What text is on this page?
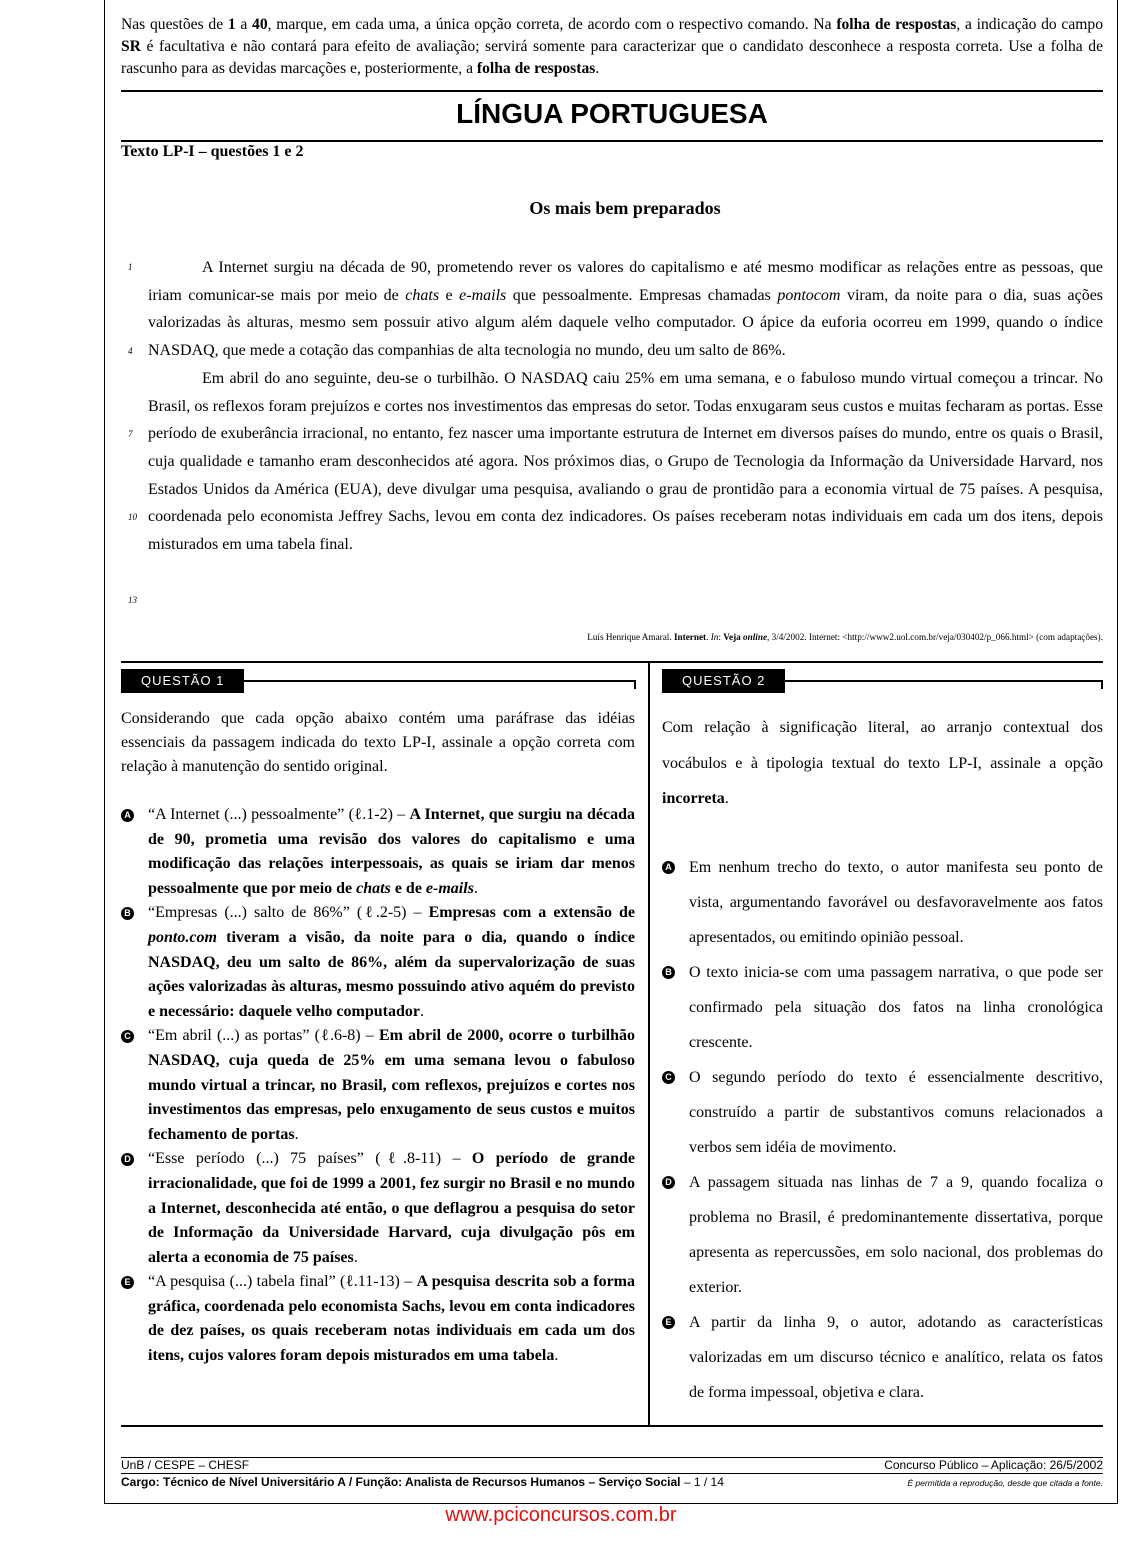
Nas questões de 1 a 40, marque, em cada uma, a única opção correta, de acordo com o respectivo comando. Na folha de respostas, a indicação do campo SR é facultativa e não contará para efeito de avaliação; servirá somente para caracterizar que o candidato desconhece a resposta correta. Use a folha de rascunho para as devidas marcações e, posteriormente, a folha de respostas.
LÍNGUA PORTUGUESA
Texto LP-I – questões 1 e 2
Os mais bem preparados
1
4
7
10
13

A Internet surgiu na década de 90, prometendo rever os valores do capitalismo e até mesmo modificar as relações entre as pessoas, que iriam comunicar-se mais por meio de chats e e-mails que pessoalmente. Empresas chamadas pontocom viram, da noite para o dia, suas ações valorizadas às alturas, mesmo sem possuir ativo algum além daquele velho computador. O ápice da euforia ocorreu em 1999, quando o índice NASDAQ, que mede a cotação das companhias de alta tecnologia no mundo, deu um salto de 86%.

Em abril do ano seguinte, deu-se o turbilhão. O NASDAQ caiu 25% em uma semana, e o fabuloso mundo virtual começou a trincar. No Brasil, os reflexos foram prejuízos e cortes nos investimentos das empresas do setor. Todas enxugaram seus custos e muitas fecharam as portas. Esse período de exuberância irracional, no entanto, fez nascer uma importante estrutura de Internet em diversos países do mundo, entre os quais o Brasil, cuja qualidade e tamanho eram desconhecidos até agora. Nos próximos dias, o Grupo de Tecnologia da Informação da Universidade Harvard, nos Estados Unidos da América (EUA), deve divulgar uma pesquisa, avaliando o grau de prontidão para a economia virtual de 75 países. A pesquisa, coordenada pelo economista Jeffrey Sachs, levou em conta dez indicadores. Os países receberam notas individuais em cada um dos itens, depois misturados em uma tabela final.

Luís Henrique Amaral. Internet. In: Veja online, 3/4/2002. Internet: <http://www2.uol.com.br/veja/030402/p_066.html> (com adaptações).
QUESTÃO 1	QUESTÃO 2
Considerando que cada opção abaixo contém uma paráfrase das idéias essenciais da passagem indicada do texto LP-I, assinale a opção correta com relação à manutenção do sentido original.
A “A Internet (...) pessoalmente” (ℓ.1-2) – A Internet, que surgiu na década de 90, prometia uma revisão dos valores do capitalismo e uma modificação das relações interpessoais, as quais se iriam dar menos pessoalmente que por meio de chats e de e-mails.
B “Empresas (...) salto de 86%” (ℓ.2-5) – Empresas com a extensão de ponto.com tiveram a visão, da noite para o dia, quando o índice NASDAQ, deu um salto de 86%, além da supervalorização de suas ações valorizadas às alturas, mesmo possuindo ativo aquém do previsto e necessário: daquele velho computador.
C “Em abril (...) as portas” (ℓ.6-8) – Em abril de 2000, ocorre o turbilhão NASDAQ, cuja queda de 25% em uma semana levou o fabuloso mundo virtual a trincar, no Brasil, com reflexos, prejuízos e cortes nos investimentos das empresas, pelo enxugamento de seus custos e muitos fechamento de portas.
D “Esse período (...) 75 países” (ℓ.8-11) – O período de grande irracionalidade, que foi de 1999 a 2001, fez surgir no Brasil e no mundo a Internet, desconhecida até então, o que deflagrou a pesquisa do setor de Informação da Universidade Harvard, cuja divulgação pôs em alerta a economia de 75 países.
E “A pesquisa (...) tabela final” (ℓ.11-13) – A pesquisa descrita sob a forma gráfica, coordenada pelo economista Sachs, levou em conta indicadores de dez países, os quais receberam notas individuais em cada um dos itens, cujos valores foram depois misturados em uma tabela.
Com relação à significação literal, ao arranjo contextual dos vocábulos e à tipologia textual do texto LP-I, assinale a opção incorreta.
A Em nenhum trecho do texto, o autor manifesta seu ponto de vista, argumentando favorável ou desfavoravelmente aos fatos apresentados, ou emitindo opinião pessoal.
B O texto inicia-se com uma passagem narrativa, o que pode ser confirmado pela situação dos fatos na linha cronológica crescente.
C O segundo período do texto é essencialmente descritivo, construído a partir de substantivos comuns relacionados a verbos sem idéia de movimento.
D A passagem situada nas linhas de 7 a 9, quando focaliza o problema no Brasil, é predominantemente dissertativa, porque apresenta as repercussões, em solo nacional, dos problemas do exterior.
E A partir da linha 9, o autor, adotando as características valorizadas em um discurso técnico e analítico, relata os fatos de forma impessoal, objetiva e clara.
UnB / CESPE – CHESF	Concurso Público – Aplicação: 26/5/2002
Cargo: Técnico de Nível Universitário A / Função: Analista de Recursos Humanos – Serviço Social – 1 / 14	É permitida a reprodução, desde que citada a fonte.
www.pciconcursos.com.br
